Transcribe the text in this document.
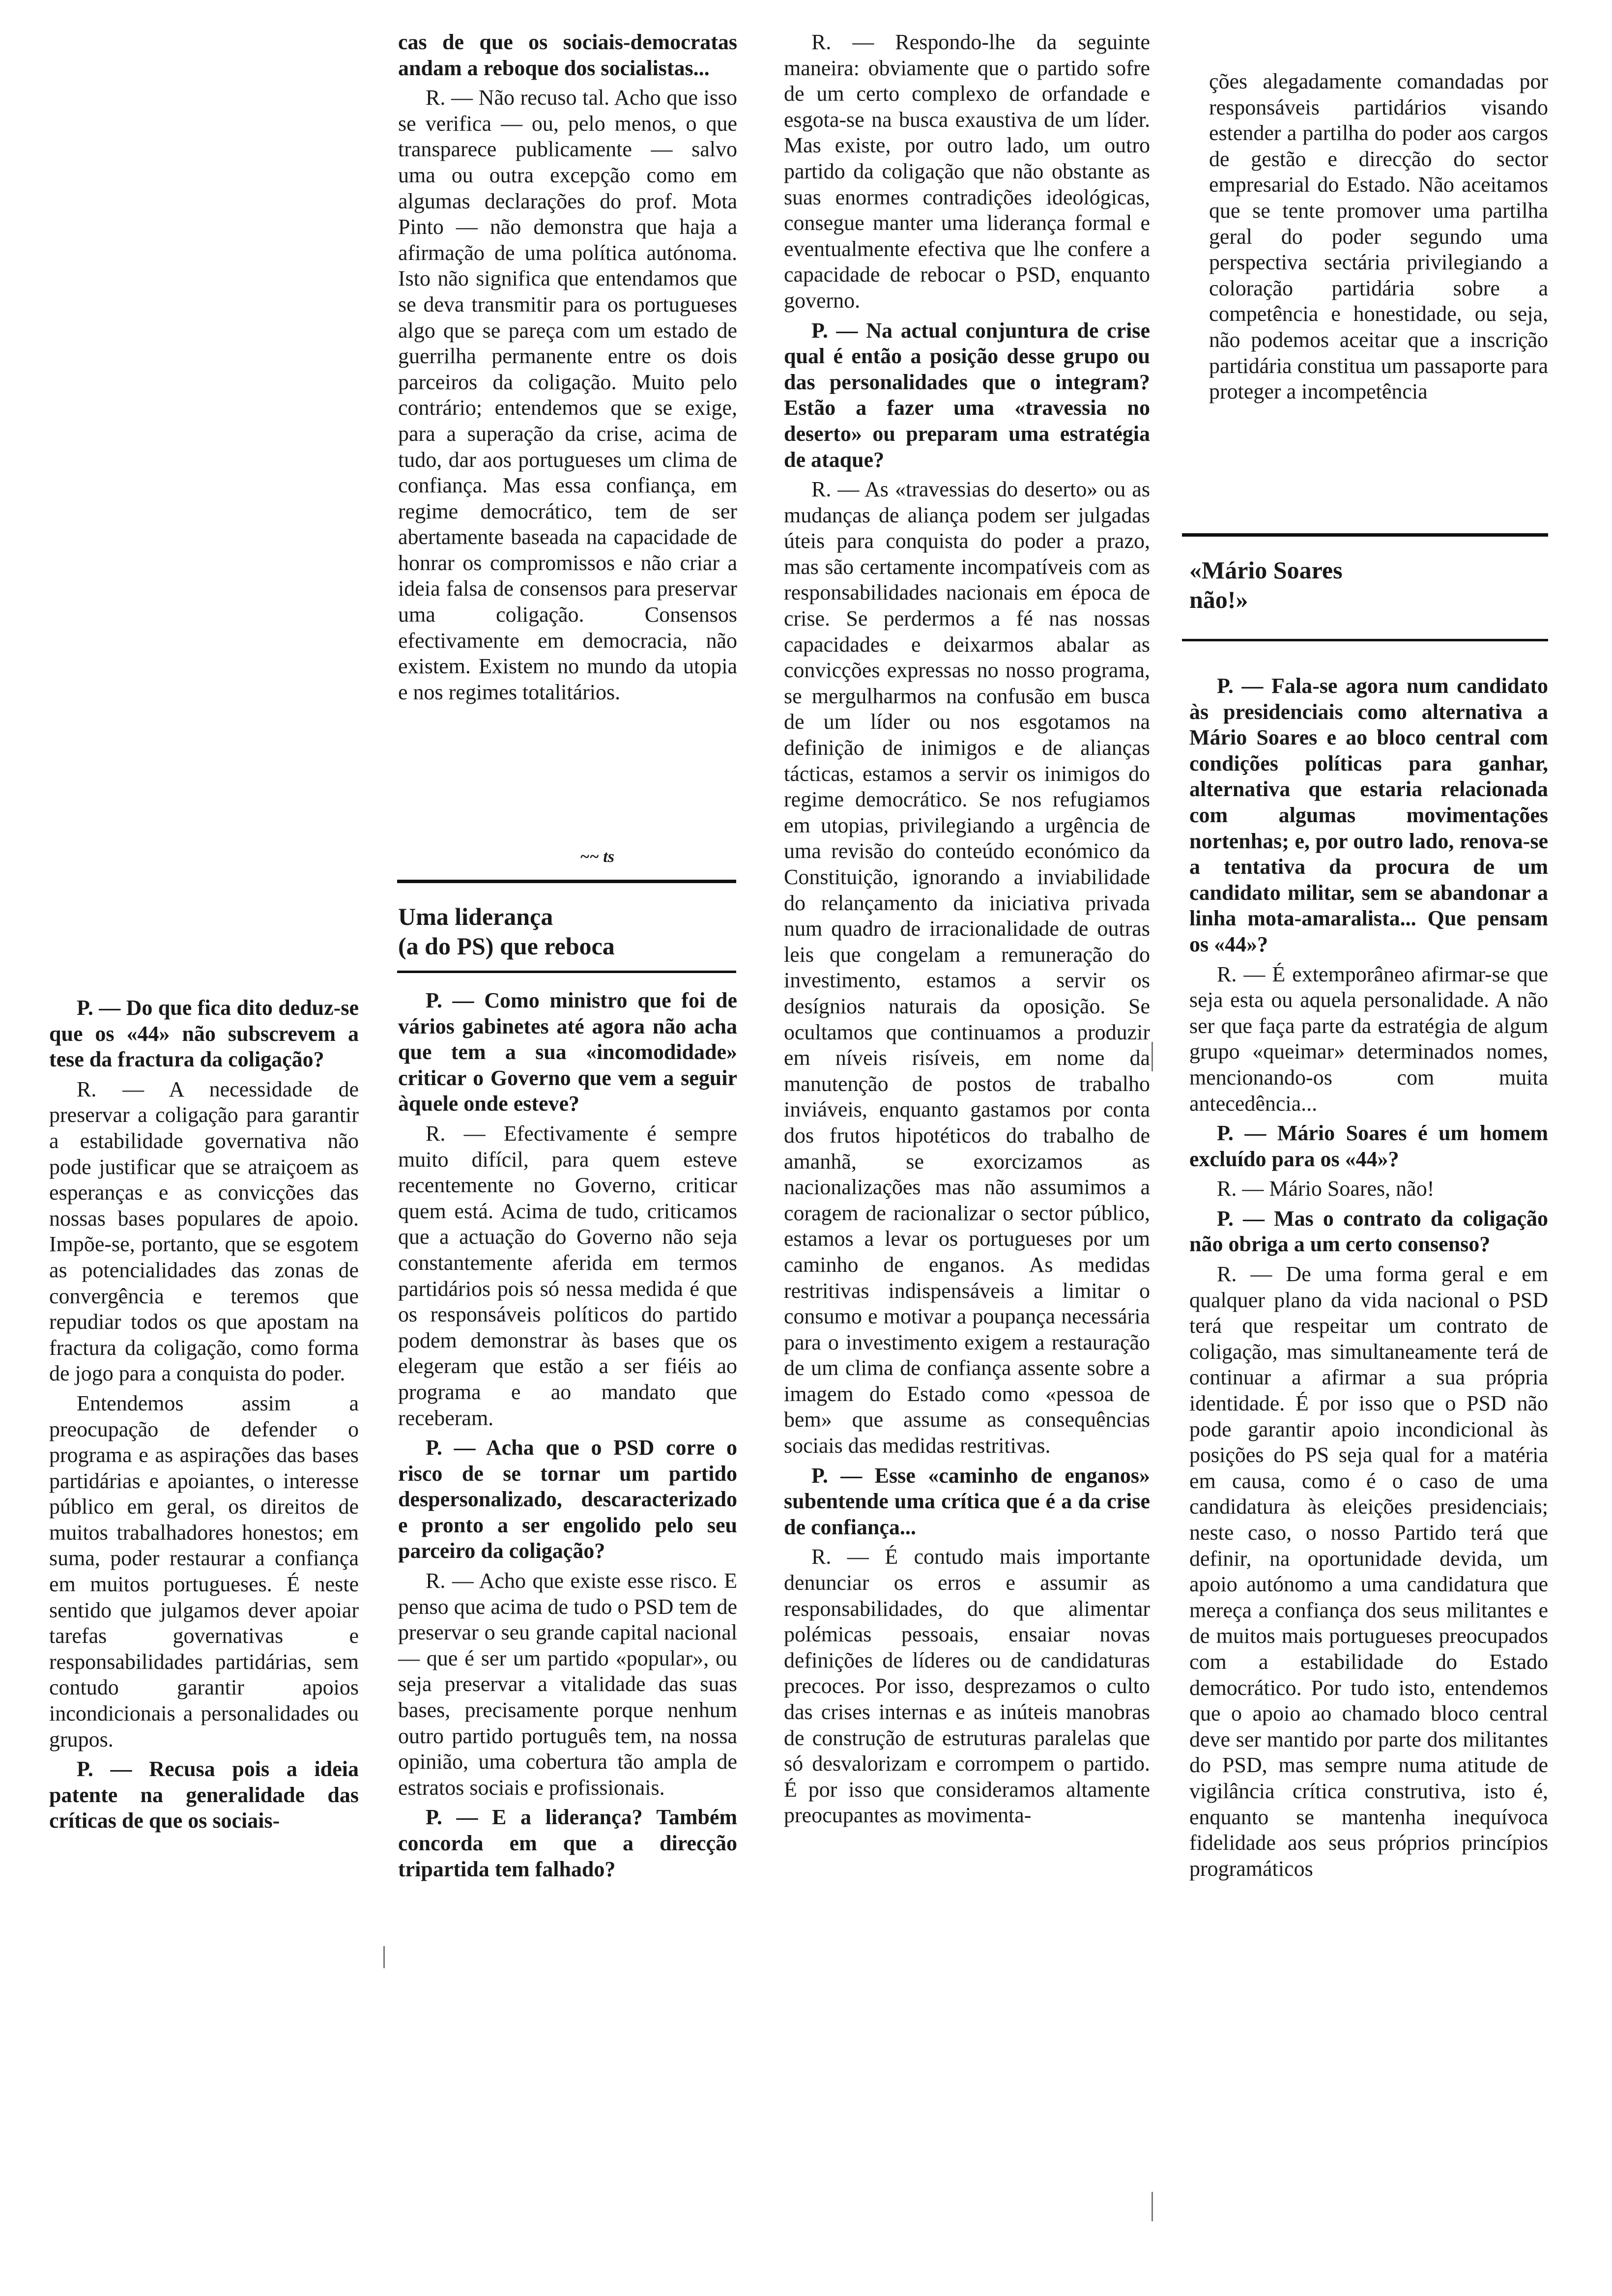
P. — Do que fica dito deduz-se que os «44» não subscrevem a tese da fractura da coligação?

R. — A necessidade de preservar a coligação para garantir a estabilidade governativa não pode justificar que se atraiçoem as esperanças e as convicções das nossas bases populares de apoio. Impõe-se, portanto, que se esgotem as potencialidades das zonas de convergência e teremos que repudiar todos os que apostam na fractura da coligação, como forma de jogo para a conquista do poder.

Entendemos assim a preocupação de defender o programa e as aspirações das bases partidárias e apoiantes, o interesse público em geral, os direitos de muitos trabalhadores honestos; em suma, poder restaurar a confiança em muitos portugueses. É neste sentido que julgamos dever apoiar tarefas governativas e responsabilidades partidárias, sem contudo garantir apoios incondicionais a personalidades ou grupos.

P. — Recusa pois a ideia patente na generalidade das críticas de que os sociais-

cas de que os sociais-democratas andam a reboque dos socialistas...

R. — Não recuso tal. Acho que isso se verifica — ou, pelo menos, o que transparece publicamente — salvo uma ou outra excepção como em algumas declarações do prof. Mota Pinto — não demonstra que haja a afirmação de uma política autónoma. Isto não significa que entendamos que se deva transmitir para os portugueses algo que se pareça com um estado de guerrilha permanente entre os dois parceiros da coligação. Muito pelo contrário; entendemos que se exige, para a superação da crise, acima de tudo, dar aos portugueses um clima de confiança. Mas essa confiança, em regime democrático, tem de ser abertamente baseada na capacidade de honrar os compromissos e não criar a ideia falsa de consensos para preservar uma coligação. Consensos efectivamente em democracia, não existem. Existem no mundo da utopia e nos regimes totalitários.

~~ ts
Uma liderança
(a do PS) que reboca

P. — Como ministro que foi de vários gabinetes até agora não acha que tem a sua «incomodidade» criticar o Governo que vem a seguir àquele onde esteve?

R. — Efectivamente é sempre muito difícil, para quem esteve recentemente no Governo, criticar quem está. Acima de tudo, criticamos que a actuação do Governo não seja constantemente aferida em termos partidários pois só nessa medida é que os responsáveis políticos do partido podem demonstrar às bases que os elegeram que estão a ser fiéis ao programa e ao mandato que receberam.

P. — Acha que o PSD corre o risco de se tornar um partido despersonalizado, descaracterizado e pronto a ser engolido pelo seu parceiro da coligação?

R. — Acho que existe esse risco. E penso que acima de tudo o PSD tem de preservar o seu grande capital nacional — que é ser um partido «popular», ou seja preservar a vitalidade das suas bases, precisamente porque nenhum outro partido português tem, na nossa opinião, uma cobertura tão ampla de estratos sociais e profissionais.

P. — E a liderança? Também concorda em que a direcção tripartida tem falhado?

R. — Respondo-lhe da seguinte maneira: obviamente que o partido sofre de um certo complexo de orfandade e esgota-se na busca exaustiva de um líder. Mas existe, por outro lado, um outro partido da coligação que não obstante as suas enormes contradições ideológicas, consegue manter uma liderança formal e eventualmente efectiva que lhe confere a capacidade de rebocar o PSD, enquanto governo.

P. — Na actual conjuntura de crise qual é então a posição desse grupo ou das personalidades que o integram? Estão a fazer uma «travessia no deserto» ou preparam uma estratégia de ataque?

R. — As «travessias do deserto» ou as mudanças de aliança podem ser julgadas úteis para conquista do poder a prazo, mas são certamente incompatíveis com as responsabilidades nacionais em época de crise. Se perdermos a fé nas nossas capacidades e deixarmos abalar as convicções expressas no nosso programa, se mergulharmos na confusão em busca de um líder ou nos esgotamos na definição de inimigos e de alianças tácticas, estamos a servir os inimigos do regime democrático. Se nos refugiamos em utopias, privilegiando a urgência de uma revisão do conteúdo económico da Constituição, ignorando a inviabilidade do relançamento da iniciativa privada num quadro de irracionalidade de outras leis que congelam a remuneração do investimento, estamos a servir os desígnios naturais da oposição. Se ocultamos que continuamos a produzir em níveis risíveis, em nome da manutenção de postos de trabalho inviáveis, enquanto gastamos por conta dos frutos hipotéticos do trabalho de amanhã, se exorcizamos as nacionalizações mas não assumimos a coragem de racionalizar o sector público, estamos a levar os portugueses por um caminho de enganos. As medidas restritivas indispensáveis a limitar o consumo e motivar a poupança necessária para o investimento exigem a restauração de um clima de confiança assente sobre a imagem do Estado como «pessoa de bem» que assume as consequências sociais das medidas restritivas.

P. — Esse «caminho de enganos» subentende uma crítica que é a da crise de confiança...

R. — É contudo mais importante denunciar os erros e assumir as responsabilidades, do que alimentar polémicas pessoais, ensaiar novas definições de líderes ou de candidaturas precoces. Por isso, desprezamos o culto das crises internas e as inúteis manobras de construção de estruturas paralelas que só desvalorizam e corrompem o partido. É por isso que consideramos altamente preocupantes as movimenta-

ções alegadamente comandadas por responsáveis partidários visando estender a partilha do poder aos cargos de gestão e direcção do sector empresarial do Estado. Não aceitamos que se tente promover uma partilha geral do poder segundo uma perspectiva sectária privilegiando a coloração partidária sobre a competência e honestidade, ou seja, não podemos aceitar que a inscrição partidária constitua um passaporte para proteger a incompetência

«Mário Soares
não!»

P. — Fala-se agora num candidato às presidenciais como alternativa a Mário Soares e ao bloco central com condições políticas para ganhar, alternativa que estaria relacionada com algumas movimentações nortenhas; e, por outro lado, renova-se a tentativa da procura de um candidato militar, sem se abandonar a linha mota-amaralista... Que pensam os «44»?

R. — É extemporâneo afirmar-se que seja esta ou aquela personalidade. A não ser que faça parte da estratégia de algum grupo «queimar» determinados nomes, mencionando-os com muita antecedência...

P. — Mário Soares é um homem excluído para os «44»?

R. — Mário Soares, não!

P. — Mas o contrato da coligação não obriga a um certo consenso?

R. — De uma forma geral e em qualquer plano da vida nacional o PSD terá que respeitar um contrato de coligação, mas simultaneamente terá de continuar a afirmar a sua própria identidade. É por isso que o PSD não pode garantir apoio incondicional às posições do PS seja qual for a matéria em causa, como é o caso de uma candidatura às eleições presidenciais; neste caso, o nosso Partido terá que definir, na oportunidade devida, um apoio autónomo a uma candidatura que mereça a confiança dos seus militantes e de muitos mais portugueses preocupados com a estabilidade do Estado democrático. Por tudo isto, entendemos que o apoio ao chamado bloco central deve ser mantido por parte dos militantes do PSD, mas sempre numa atitude de vigilância crítica construtiva, isto é, enquanto se mantenha inequívoca fidelidade aos seus próprios princípios programáticos
